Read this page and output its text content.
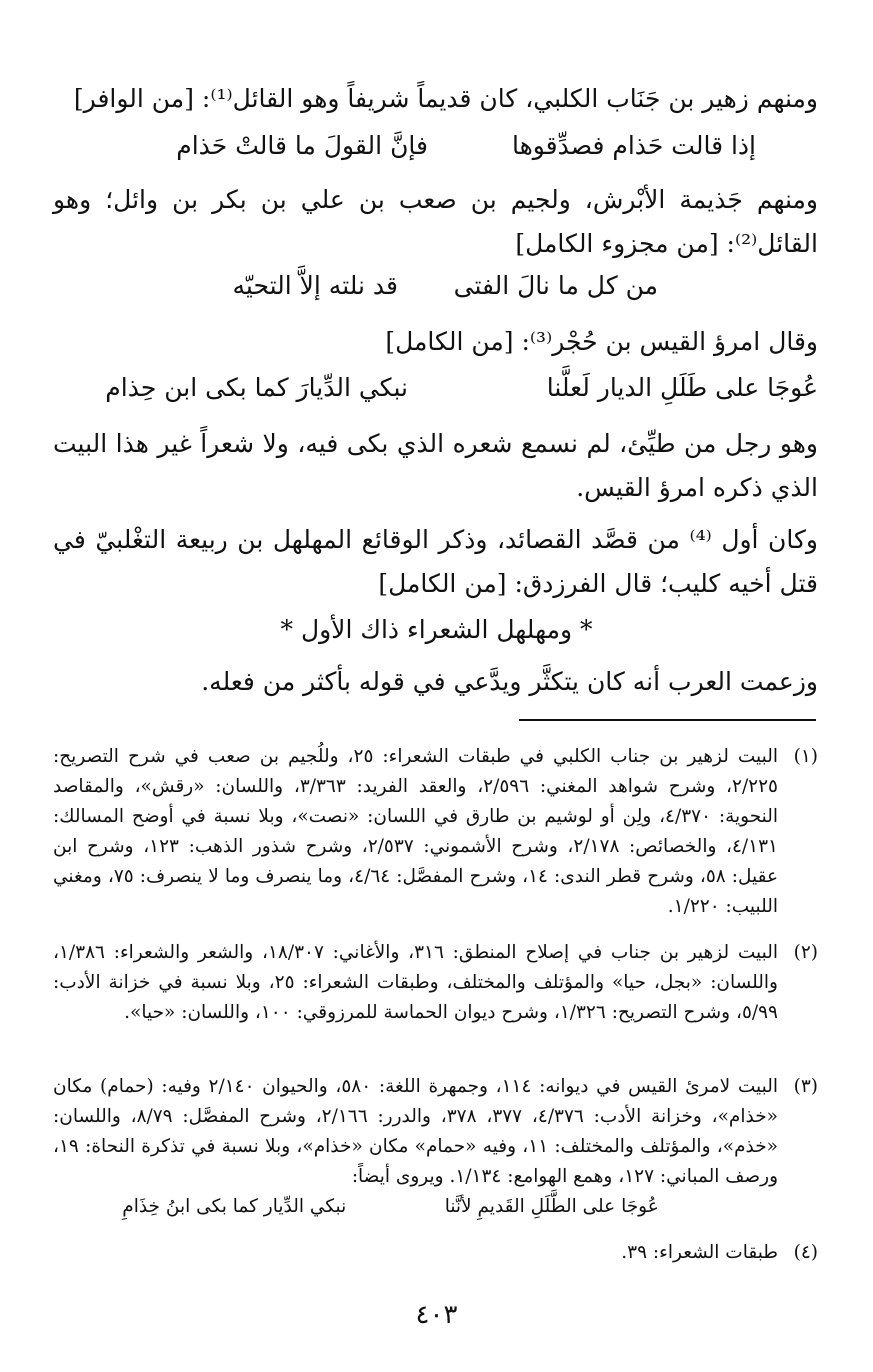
ومنهم زهير بن جَنَاب الكلبي، كان قديماً شريفاً وهو القائل⁽¹⁾: [من الوافر]
إذا قالت حَذام فصدِّقوها
فإنَّ القولَ ما قالتْ حَذام
ومنهم جَذيمة الأبْرش، ولجيم بن صعب بن علي بن بكر بن وائل؛ وهو القائل⁽²⁾: [من مجزوء الكامل]
من كل ما نالَ الفتى
قد نلته إلاَّ التحيّه
وقال امرؤ القيس بن حُجْر⁽³⁾: [من الكامل]
عُوجَا على طَلَلِ الديار لَعلَّنا
نبكي الدِّيارَ كما بكى ابن حِذام
وهو رجل من طيِّئ، لم نسمع شعره الذي بكى فيه، ولا شعراً غير هذا البيت الذي ذكره امرؤ القيس.
وكان أول ⁽⁴⁾ من قصَّد القصائد، وذكر الوقائع المهلهل بن ربيعة التغْلبيّ في قتل أخيه كليب؛ قال الفرزدق: [من الكامل]
* ومهلهل الشعراء ذاك الأول *
وزعمت العرب أنه كان يتكثَّر ويدَّعي في قوله بأكثر من فعله.
(١)
البيت لزهير بن جناب الكلبي في طبقات الشعراء: ٢٥، وللُجيم بن صعب في شرح التصريح: ٢/٢٢٥، وشرح شواهد المغني: ٢/٥٩٦، والعقد الفريد: ٣/٣٦٣، واللسان: «رقش»، والمقاصد النحوية: ٤/٣٧٠، ولِن أو لوشيم بن طارق في اللسان: «نصت»، وبلا نسبة في أوضح المسالك: ٤/١٣١، والخصائص: ٢/١٧٨، وشرح الأشموني: ٢/٥٣٧، وشرح شذور الذهب: ١٢٣، وشرح ابن عقيل: ٥٨، وشرح قطر الندى: ١٤، وشرح المفصَّل: ٤/٦٤، وما ينصرف وما لا ينصرف: ٧٥، ومغني اللبيب: ١/٢٢٠.
(٢)
البيت لزهير بن جناب في إصلاح المنطق: ٣١٦، والأغاني: ١٨/٣٠٧، والشعر والشعراء: ١/٣٨٦، واللسان: «بجل، حيا» والمؤتلف والمختلف، وطبقات الشعراء: ٢٥، وبلا نسبة في خزانة الأدب: ٥/٩٩، وشرح التصريح: ١/٣٢٦، وشرح ديوان الحماسة للمرزوقي: ١٠٠، واللسان: «حيا».
(٣)
البيت لامرئ القيس في ديوانه: ١١٤، وجمهرة اللغة: ٥٨٠، والحيوان ٢/١٤٠ وفيه: (حمام) مكان «خذام»، وخزانة الأدب: ٤/٣٧٦، ٣٧٧، ٣٧٨، والدرر: ٢/١٦٦، وشرح المفصَّل: ٨/٧٩، واللسان: «خذم»، والمؤتلف والمختلف: ١١، وفيه «حمام» مكان «خذام»، وبلا نسبة في تذكرة النحاة: ١٩، ورصف المباني: ١٢٧، وهمع الهوامع: ١/١٣٤. ويروى أيضاً:
عُوجَا على الطَّلَلِ القَديمِ لأنَّنا
نبكي الدِّيار كما بكى ابنُ خِذَامِ
(٤)
طبقات الشعراء: ٣٩.
٤٠٣
